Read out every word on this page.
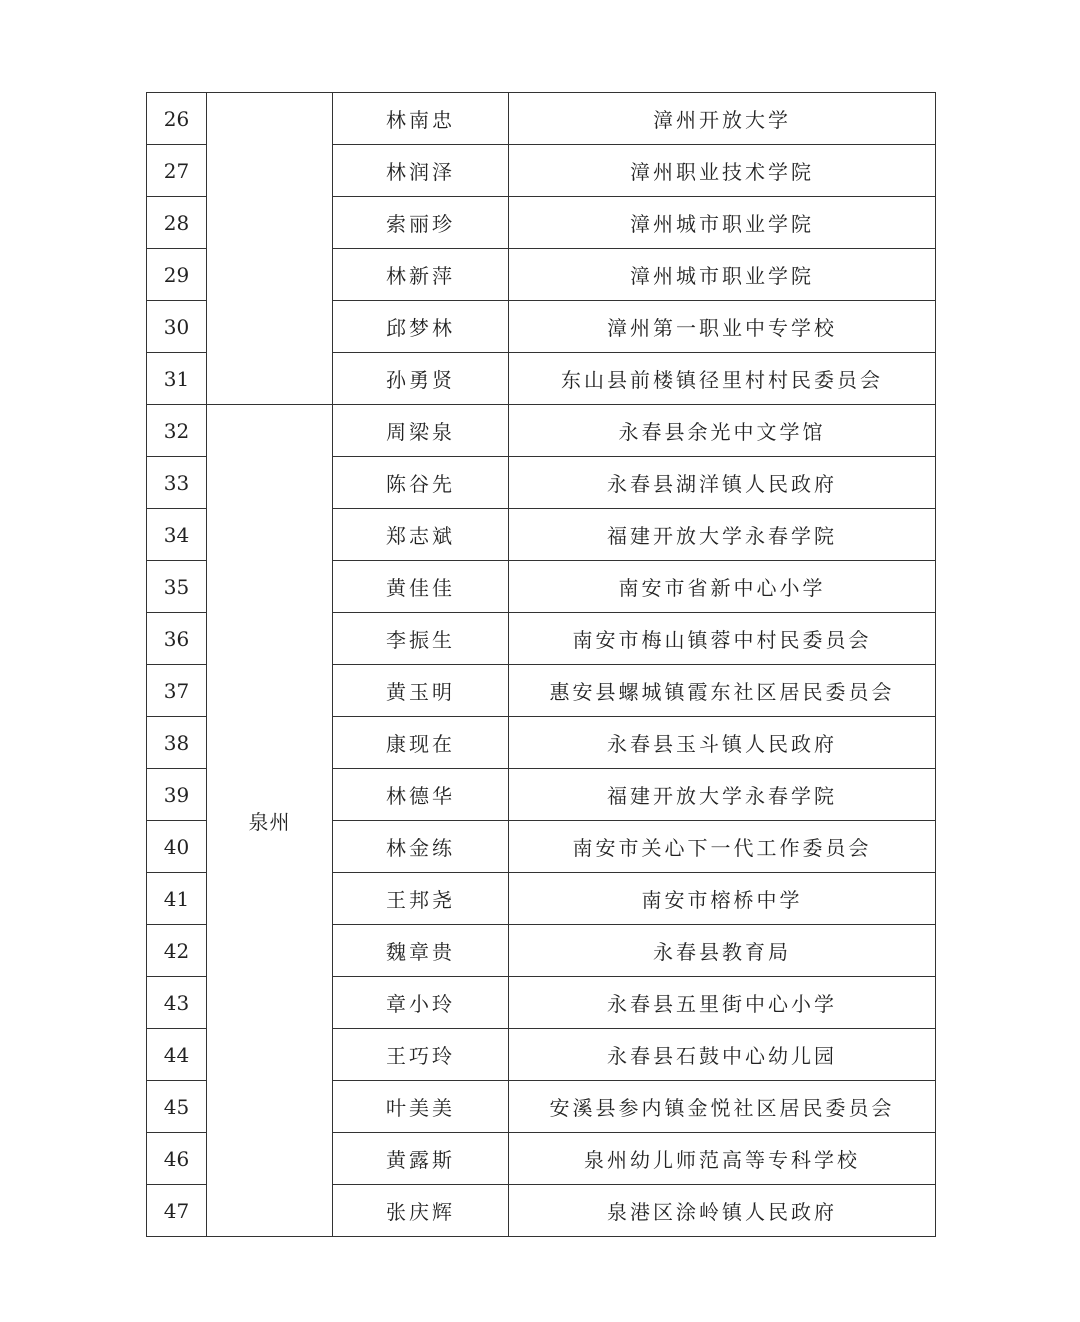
26		林南忠	漳州开放大学
27		林润泽	漳州职业技术学院
28		索丽珍	漳州城市职业学院
29		林新萍	漳州城市职业学院
30		邱梦林	漳州第一职业中专学校
31		孙勇贤	东山县前楼镇径里村村民委员会
32	泉州	周梁泉	永春县余光中文学馆
33		陈谷先	永春县湖洋镇人民政府
34		郑志斌	福建开放大学永春学院
35		黄佳佳	南安市省新中心小学
36		李振生	南安市梅山镇蓉中村民委员会
37		黄玉明	惠安县螺城镇霞东社区居民委员会
38		康现在	永春县玉斗镇人民政府
39		林德华	福建开放大学永春学院
40		林金练	南安市关心下一代工作委员会
41		王邦尧	南安市榕桥中学
42		魏章贵	永春县教育局
43		章小玲	永春县五里街中心小学
44		王巧玲	永春县石鼓中心幼儿园
45		叶美美	安溪县参内镇金悦社区居民委员会
46		黄露斯	泉州幼儿师范高等专科学校
47		张庆辉	泉港区涂岭镇人民政府
